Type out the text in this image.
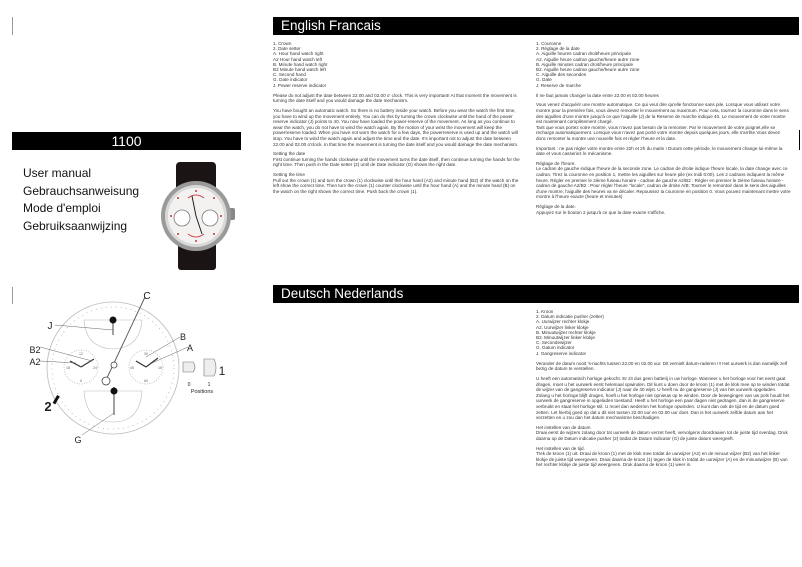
1100
User manual
Gebrauchsanweisung
Mode d'emploi
Gebruiksaanwijzing
12
6
18	24
30
60
15
45
C
J
B2
A2
B
A
2
G
1
0	1
Positions
English Francais
1. Crown
2. Date setter
A. Hour hand watch right
A2 Hour hand watch left
B. Minute hand watch right
B2 Minute hand watch left
C. Second hand
G. Date indicator
J. Power reserve indicator

Please do not adjust the date between 22.00 and 02.00 o' clock. This is very important! At that moment the movement is turning the date itself and you would damage the date mechanism.

You have bought an automatic watch. So there is no battery inside your watch. Before you wear the watch the first time, you have to wind up the movement entirely. You can do this by turning the crown clockwise until the hand of the power reserve indicator (J) points to 40. You now have loaded the power-reserve of the movement. As long as you continue to wear the watch, you do not have to wind the watch again. By the motion of your wrist the movement will keep the powerreserve loaded. When you have not worn the watch for a few days, the powerreserve is used up and the watch will stop. You have to wind the watch again and adjust the time and the date. It's important not to adjust the date between 22.00 and 02.00 o'clock. In that time the movement is turning the date itself and you would damage the date mechanism.

Setting the date

First continue turning the hands clockwise until the movement turns the date itself, then continue turning the hands for the right time. Then push in the Date setter (2) until de Date indicator (G) shows the right date.

Setting the time

Pull out the crown (1) and turn the crown (1) clockwise until the hour hand (A2) and minute hand (B2) of the watch on the left show the correct time. Then turn the crown (1) counter clockwise until the hour hand (A) and the minute hand (B) on the watch on the right shows the correct time. Push back the crown (1).

1. Couronne
2. Réglage de la date
A. Aiguille heures cadran droit/heure principale
A2. Aiguille heure cadran gauche/heure autre zone
B. Aiguille minutes cadran droit/heure principale
B2. Aiguille heure cadran gauche/heure autre zone
C. Aiguille des secondes
G. Date
J. Reserve de marche

Il ne faut jamais changer la date entre 22.00 et 02.00 heures

Vous venez d'acquérir une montre automatique. Ce qui veut dire qu'elle fonctionne sans pile. Lorsque vous utilisez votre montre pour la première fois, vous devez remonter le mouvement au maximum. Pour cela, tournez la couronne dans le sens des aiguilles d'une montre jusqu'à ce que l'aiguille (J) de la Reserve de marche indique 40. Le mouvement de votre montre est maintenant complètement chargé.

Tant que vous portez votre montre, vous n'avez pas besoin de la remonter. Par le mouvement de votre poignet,elle se recharge automatiquement. Lorsque vous n'avez pas porté votre montre depuis quelques jours, elle s'arrête.Vous devez donc remonter la montre une nouvelle fois et régler l'heure et la date.

Important : ne pas régler votre montre entre 22h et 2h du matin ! Durant cette période, le mouvement change lui-même la date et vous casseriez le mécanisme.

Réglage de l'heure.

Le cadran de gauche indique l'heure de la seconde zone. Le cadran de droite indique l'heure locale, la date change avec ce cadran. Tirez la couronne en position 1, mettre les aiguilles sur heure pile (ex midi 0:00). Les 2 cadrans indiquent la même heure. Régler en premier le 2ième fuseau horaire - cadran de gauche A2/B2 : Régler en premier le 2ième fuseau horaire - cadran de gauche A2/B2 : Pour régler l'heure "locale", cadran de droite A/B: Tourner le remontoir dans le sens des aiguilles d'une montre, l'aiguille des heures va se décaler. Repoussez la couronne en position 0. Vous pouvez maintenant mettre votre montre à l'heure exacte (heure et minutes)

Réglage de la date.

Appuyez sur le bouton 2 jusqu'à ce que la date exacte s'affiche.

Deutsch Nederlands
1. Kroon
2. Datum indicatie pusher (zetter)
A. Uurwijzer rechter klokje
A2. Uurwijzer linker klokje
B. Minuutwijzer rechter klokje
B2. Minuutwijzer linker klokje
C. Secondewijzer
G. Datum indicator
J. Gangreserve indicator

Verander de datum nooit 's-nachts tussen 22.00 en 02.00 uur. Dit vernielt datum-raderen !!! Het uurwerk is dan namelijk zelf bezig de datum te verstellen.

U heeft een automatisch horloge gekocht. Er zit dus geen batterij in uw horloge. Wanneer u het horloge voor het eerst gaat dragen, moet u het uurwerk eerst helemaal opwinden. Dit kunt u doen door de kroon (1) met de klok mee op te winden totdat de wijzer van de gangreserve indicator (J) naar de 40 wijst. U heeft nu de gangreserve (J) van het uurwerk opgeladen. Zolang u het horloge blijft dragen, hoeft u het horloge niet opnieuw op te winden. Door de bewegingen van uw pols houdt het uurwerk de gangreserve in opgeladen toestand. Heeft u het horloge een paar dagen niet gedragen, dan is de gangreserve verbruikt en staat het horloge stil. U moet dan wederom het horloge opwinden. U kunt dan ook de tijd en de datum goed zetten. Let hierbij goed op dat u dit niet tussen 22.00 uur en 02.00 uur doet. Dan is het uurwerk zelfde datum aan het verzetten en u zou dan het datum mechanisme beschadigen.

Het instellen van de datum

Draai eerst de wijzers zolang door tot uurwerk de datum verzet heeft, vervolgens doordraaien tot de juiste tijd overdag. Druk daarna op de Datum indicatie pusher (2) totdat de Datum indicator (G) de juiste datum weergeeft.

Het instellen van de tijd.

Trek de kroon (1) uit. Draai de kroon (1) met de klok mee totdat de uurwijzer (A2) en de minuut wijzer (B2) van het linker klokje de juiste tijd weergeven. Draai daarna de kroon (1) tegen de klok in totdat de uurwijzer (A) en de minuutwijzer (B) van het rechter klokje de juiste tijd weergeven. Druk daarna de kroon (1) weer in.
